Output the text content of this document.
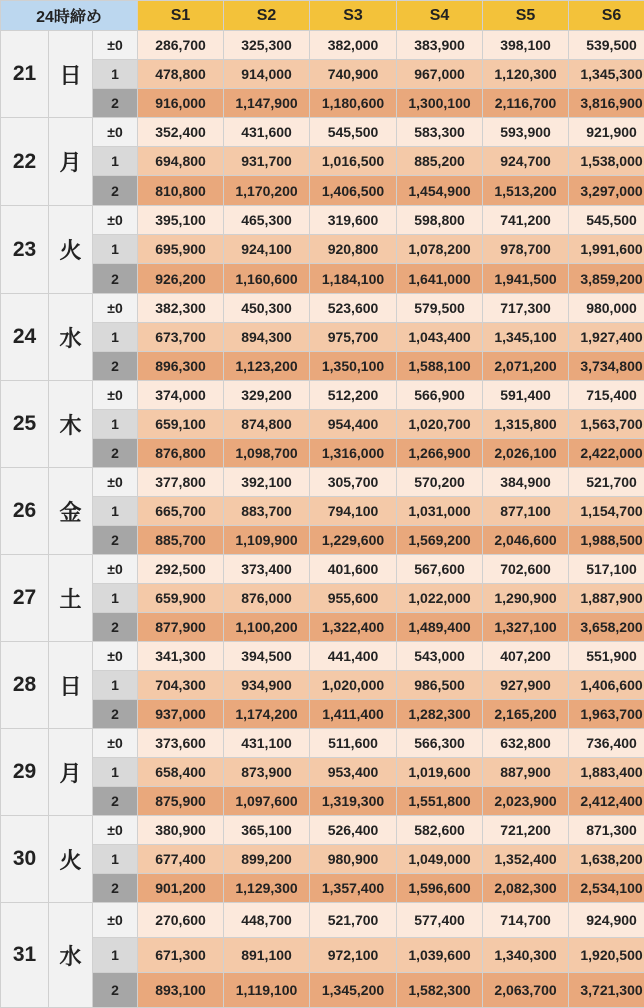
24時締め			S1	S2	S3	S4	S5	S6
21	日	±0	286,700	325,300	382,000	383,900	398,100	539,500
		1	478,800	914,000	740,900	967,000	1,120,300	1,345,300
		2	916,000	1,147,900	1,180,600	1,300,100	2,116,700	3,816,900
22	月	±0	352,400	431,600	545,500	583,300	593,900	921,900
		1	694,800	931,700	1,016,500	885,200	924,700	1,538,000
		2	810,800	1,170,200	1,406,500	1,454,900	1,513,200	3,297,000
23	火	±0	395,100	465,300	319,600	598,800	741,200	545,500
		1	695,900	924,100	920,800	1,078,200	978,700	1,991,600
		2	926,200	1,160,600	1,184,100	1,641,000	1,941,500	3,859,200
24	水	±0	382,300	450,300	523,600	579,500	717,300	980,000
		1	673,700	894,300	975,700	1,043,400	1,345,100	1,927,400
		2	896,300	1,123,200	1,350,100	1,588,100	2,071,200	3,734,800
25	木	±0	374,000	329,200	512,200	566,900	591,400	715,400
		1	659,100	874,800	954,400	1,020,700	1,315,800	1,563,700
		2	876,800	1,098,700	1,316,000	1,266,900	2,026,100	2,422,000
26	金	±0	377,800	392,100	305,700	570,200	384,900	521,700
		1	665,700	883,700	794,100	1,031,000	877,100	1,154,700
		2	885,700	1,109,900	1,229,600	1,569,200	2,046,600	1,988,500
27	土	±0	292,500	373,400	401,600	567,600	702,600	517,100
		1	659,900	876,000	955,600	1,022,000	1,290,900	1,887,900
		2	877,900	1,100,200	1,322,400	1,489,400	1,327,100	3,658,200
28	日	±0	341,300	394,500	441,400	543,000	407,200	551,900
		1	704,300	934,900	1,020,000	986,500	927,900	1,406,600
		2	937,000	1,174,200	1,411,400	1,282,300	2,165,200	1,963,700
29	月	±0	373,600	431,100	511,600	566,300	632,800	736,400
		1	658,400	873,900	953,400	1,019,600	887,900	1,883,400
		2	875,900	1,097,600	1,319,300	1,551,800	2,023,900	2,412,400
30	火	±0	380,900	365,100	526,400	582,600	721,200	871,300
		1	677,400	899,200	980,900	1,049,000	1,352,400	1,638,200
		2	901,200	1,129,300	1,357,400	1,596,600	2,082,300	2,534,100
31	水	±0	270,600	448,700	521,700	577,400	714,700	924,900
		1	671,300	891,100	972,100	1,039,600	1,340,300	1,920,500
		2	893,100	1,119,100	1,345,200	1,582,300	2,063,700	3,721,300
